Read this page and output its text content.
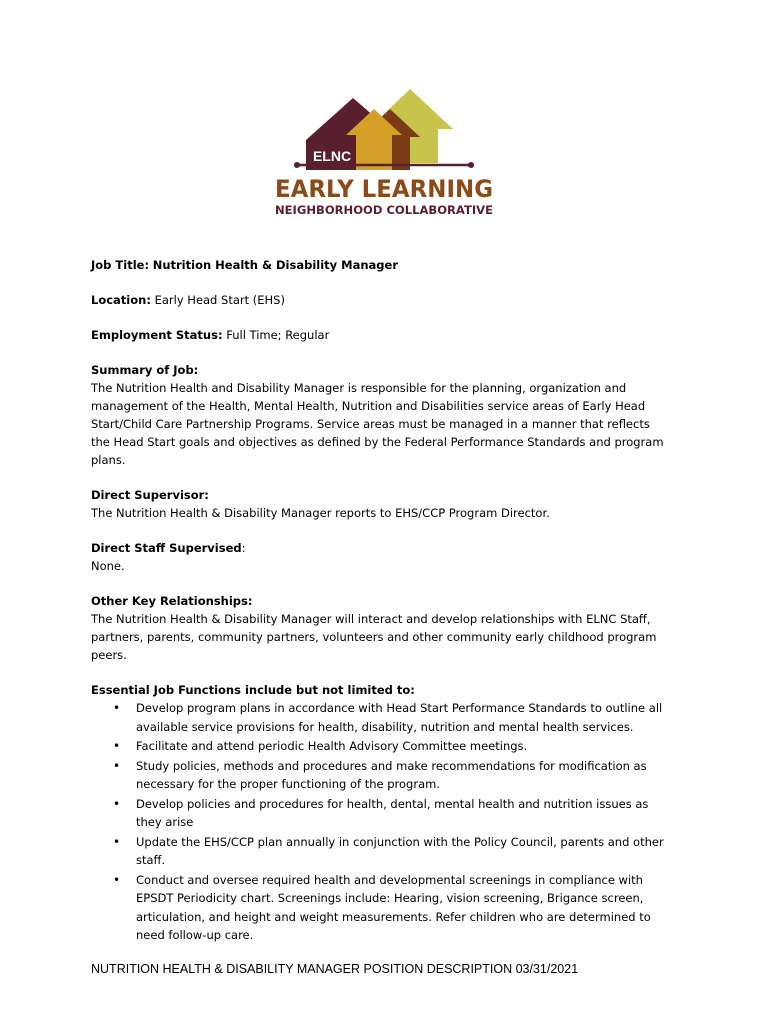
ELNC
EARLY LEARNING
NEIGHBORHOOD COLLABORATIVE
Job Title: Nutrition Health & Disability Manager
Location: Early Head Start (EHS)
Employment Status: Full Time; Regular
Summary of Job:
The Nutrition Health and Disability Manager is responsible for the planning, organization and management of the Health, Mental Health, Nutrition and Disabilities service areas of Early Head Start/Child Care Partnership Programs. Service areas must be managed in a manner that reflects the Head Start goals and objectives as defined by the Federal Performance Standards and program plans.
Direct Supervisor:
The Nutrition Health & Disability Manager reports to EHS/CCP Program Director.
Direct Staff Supervised:
None.
Other Key Relationships:
The Nutrition Health & Disability Manager will interact and develop relationships with ELNC Staff, partners, parents, community partners, volunteers and other community early childhood program peers.
Essential Job Functions include but not limited to:
• Develop program plans in accordance with Head Start Performance Standards to outline all available service provisions for health, disability, nutrition and mental health services.
• Facilitate and attend periodic Health Advisory Committee meetings.
• Study policies, methods and procedures and make recommendations for modification as necessary for the proper functioning of the program.
• Develop policies and procedures for health, dental, mental health and nutrition issues as they arise
• Update the EHS/CCP plan annually in conjunction with the Policy Council, parents and other staff.
• Conduct and oversee required health and developmental screenings in compliance with EPSDT Periodicity chart. Screenings include: Hearing, vision screening, Brigance screen, articulation, and height and weight measurements. Refer children who are determined to need follow-up care.
NUTRITION HEALTH & DISABILITY MANAGER POSITION DESCRIPTION 03/31/2021
